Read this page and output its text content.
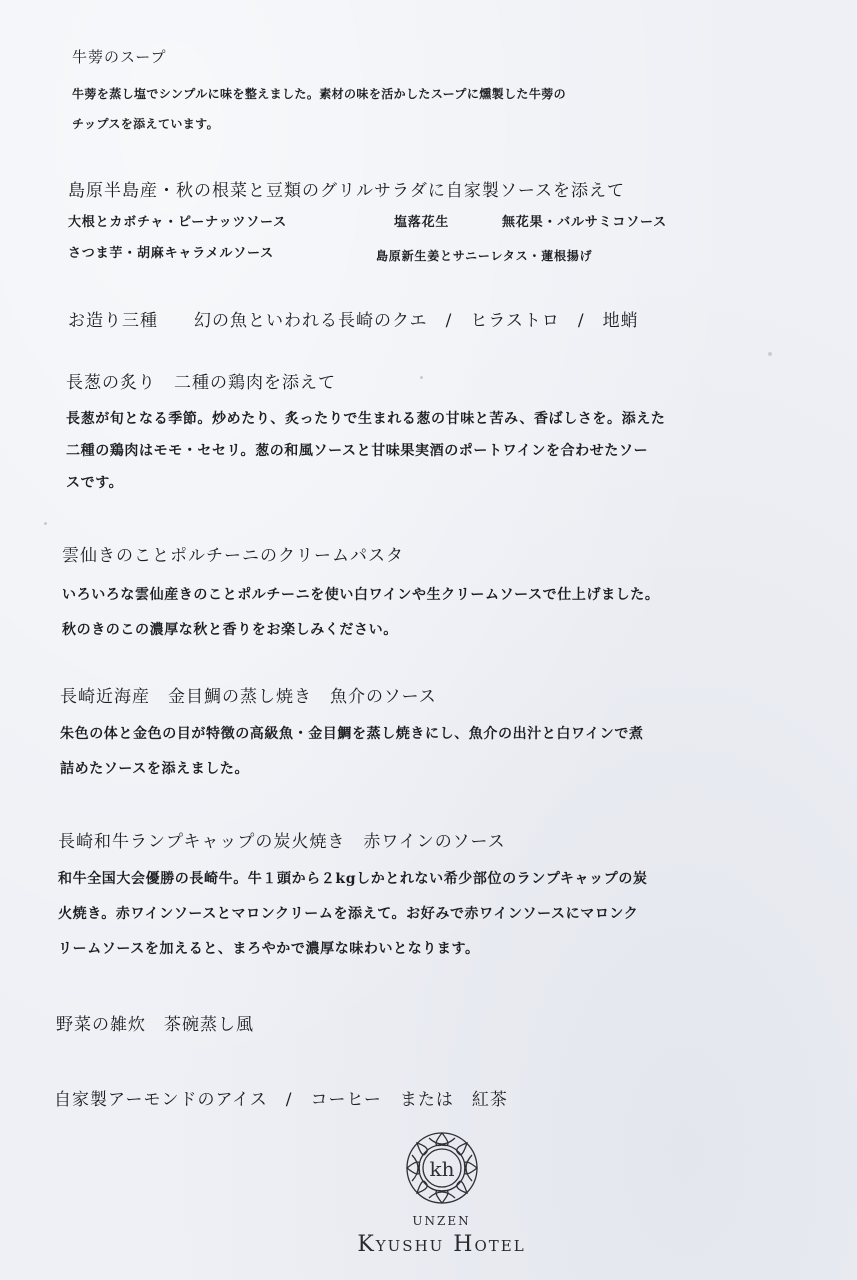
牛蒡のスープ
牛蒡を蒸し塩でシンプルに味を整えました。素材の味を活かしたスープに燻製した牛蒡の
チップスを添えています。
島原半島産・秋の根菜と豆類のグリルサラダに自家製ソースを添えて
大根とカボチャ・ピーナッツソース	塩落花生	無花果・バルサミコソース
さつま芋・胡麻キャラメルソース	島原新生姜とサニーレタス・蓮根揚げ
お造り三種　　幻の魚といわれる長崎のクエ　/　ヒラストロ　/　地蛸
長葱の炙り　二種の鶏肉を添えて
長葱が旬となる季節。炒めたり、炙ったりで生まれる葱の甘味と苦み、香ばしさを。添えた
二種の鶏肉はモモ・セセリ。葱の和風ソースと甘味果実酒のポートワインを合わせたソー
スです。
雲仙きのことポルチーニのクリームパスタ
いろいろな雲仙産きのことポルチーニを使い白ワインや生クリームソースで仕上げました。
秋のきのこの濃厚な秋と香りをお楽しみください。
長崎近海産　金目鯛の蒸し焼き　魚介のソース
朱色の体と金色の目が特徴の高級魚・金目鯛を蒸し焼きにし、魚介の出汁と白ワインで煮
詰めたソースを添えました。
長崎和牛ランプキャップの炭火焼き　赤ワインのソース
和牛全国大会優勝の長崎牛。牛１頭から２kgしかとれない希少部位のランプキャップの炭
火焼き。赤ワインソースとマロンクリームを添えて。お好みで赤ワインソースにマロンク
リームソースを加えると、まろやかで濃厚な味わいとなります。
野菜の雑炊　茶碗蒸し風
自家製アーモンドのアイス　/　コーヒー　または　紅茶
kh
UNZEN
Kyushu Hotel
